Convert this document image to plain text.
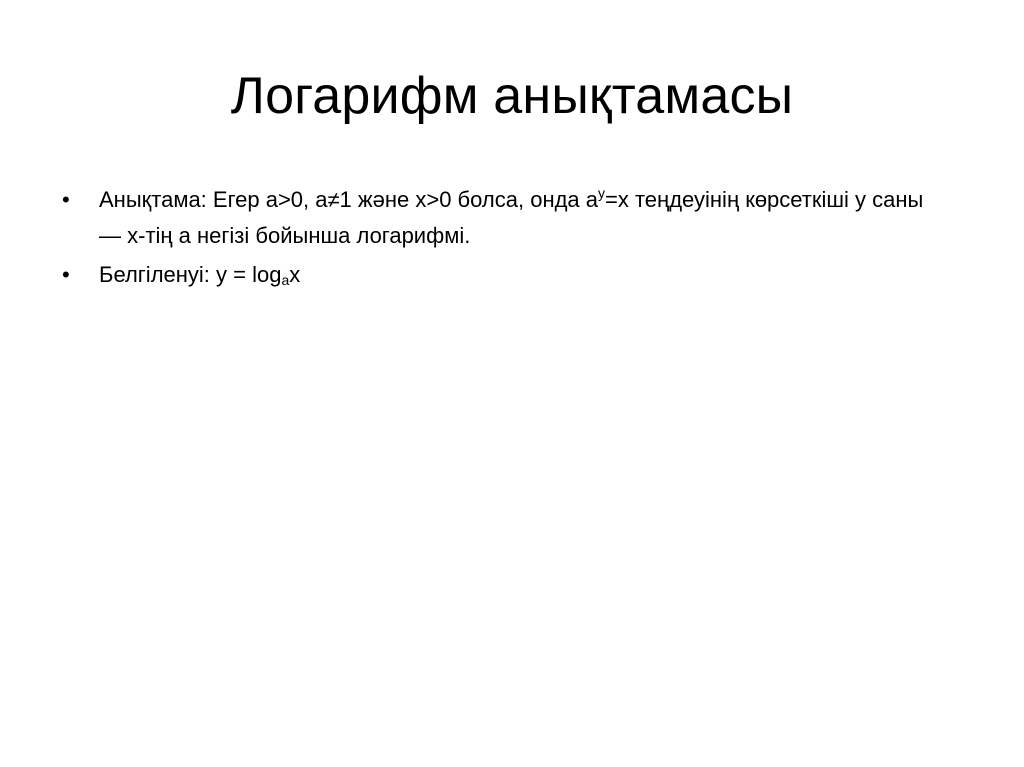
Логарифм анықтамасы
• Анықтама: Егер a>0, a≠1 және x>0 болса, онда $a^y=x$ теңдеуінің көрсеткіші y саны — x-тің a негізі бойынша логарифмі.
• Белгіленуі: $y = \log_ax$
